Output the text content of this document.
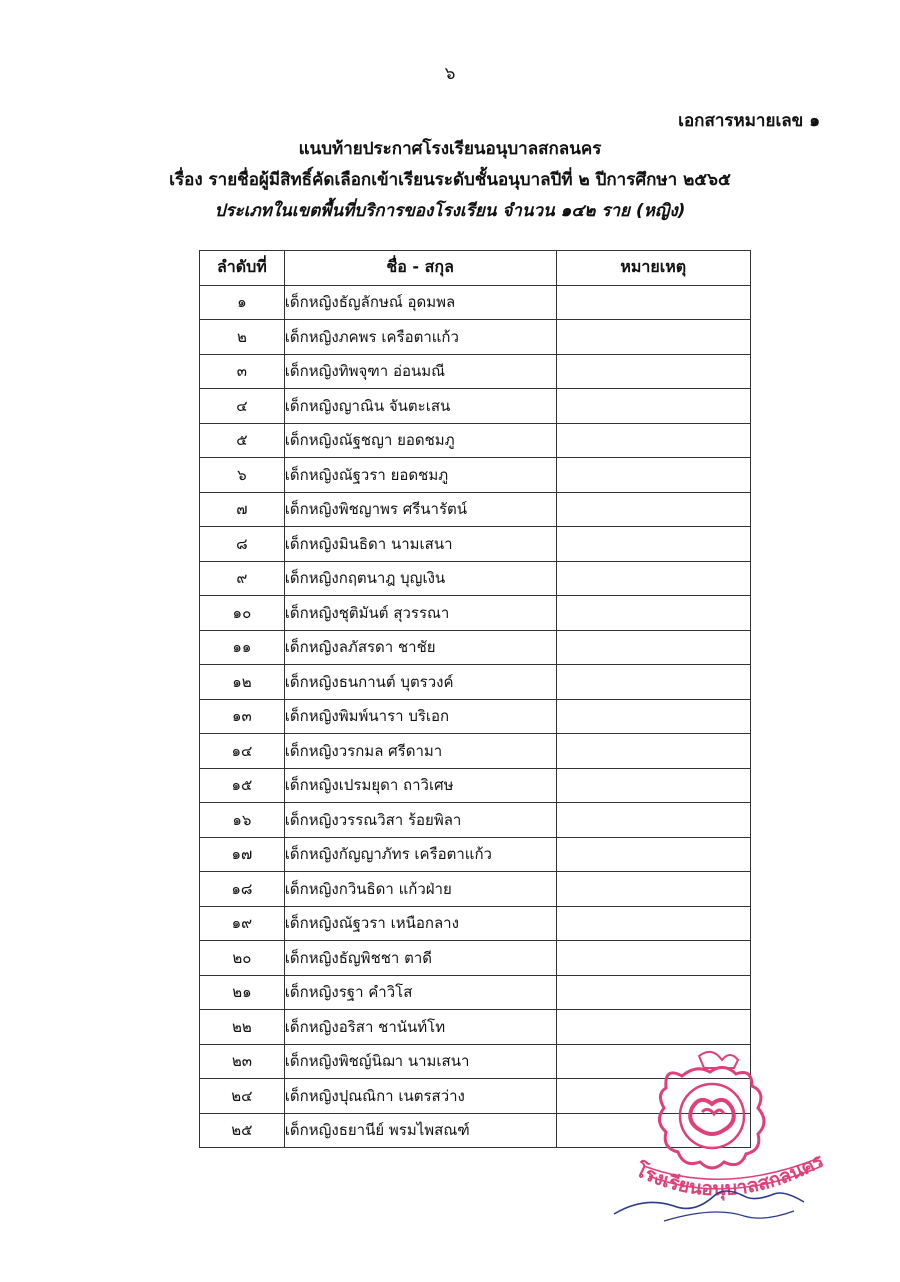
๖
เอกสารหมายเลข ๑
แนบท้ายประกาศโรงเรียนอนุบาลสกลนคร
เรื่อง รายชื่อผู้มีสิทธิ์คัดเลือกเข้าเรียนระดับชั้นอนุบาลปีที่ ๒ ปีการศึกษา ๒๕๖๕
ประเภทในเขตพื้นที่บริการของโรงเรียน จำนวน ๑๔๒ ราย (หญิง)
ลำดับที่	ชื่อ - สกุล	หมายเหตุ
๑	เด็กหญิงธัญลักษณ์ อุดมพล	
๒	เด็กหญิงภคพร เครือตาแก้ว	
๓	เด็กหญิงทิพจุฑา อ่อนมณี	
๔	เด็กหญิงญาณิน จันตะเสน	
๕	เด็กหญิงณัฐชญา ยอดชมภู	
๖	เด็กหญิงณัฐวรา ยอดชมภู	
๗	เด็กหญิงพิชญาพร ศรีนารัตน์	
๘	เด็กหญิงมินธิดา นามเสนา	
๙	เด็กหญิงกฤตนาฎ บุญเงิน	
๑๐	เด็กหญิงชุติมันต์ สุวรรณา	
๑๑	เด็กหญิงลภัสรดา ชาชัย	
๑๒	เด็กหญิงธนกานต์ บุตรวงค์	
๑๓	เด็กหญิงพิมพ์นารา บริเอก	
๑๔	เด็กหญิงวรกมล ศรีดามา	
๑๕	เด็กหญิงเปรมยุดา ถาวิเศษ	
๑๖	เด็กหญิงวรรณวิสา ร้อยพิลา	
๑๗	เด็กหญิงกัญญาภัทร เครือตาแก้ว	
๑๘	เด็กหญิงกวินธิดา แก้วฝ่าย	
๑๙	เด็กหญิงณัฐวรา เหนือกลาง	
๒๐	เด็กหญิงธัญพิชชา ตาดี	
๒๑	เด็กหญิงรฐา คำวิโส	
๒๒	เด็กหญิงอริสา ชานันท์โท	
๒๓	เด็กหญิงพิชญ์นิฌา นามเสนา	
๒๔	เด็กหญิงปุณณิกา เนตรสว่าง	
๒๕	เด็กหญิงธยานีย์ พรมไพสณฑ์	
โรงเรียนอนุบาลสกลนคร
